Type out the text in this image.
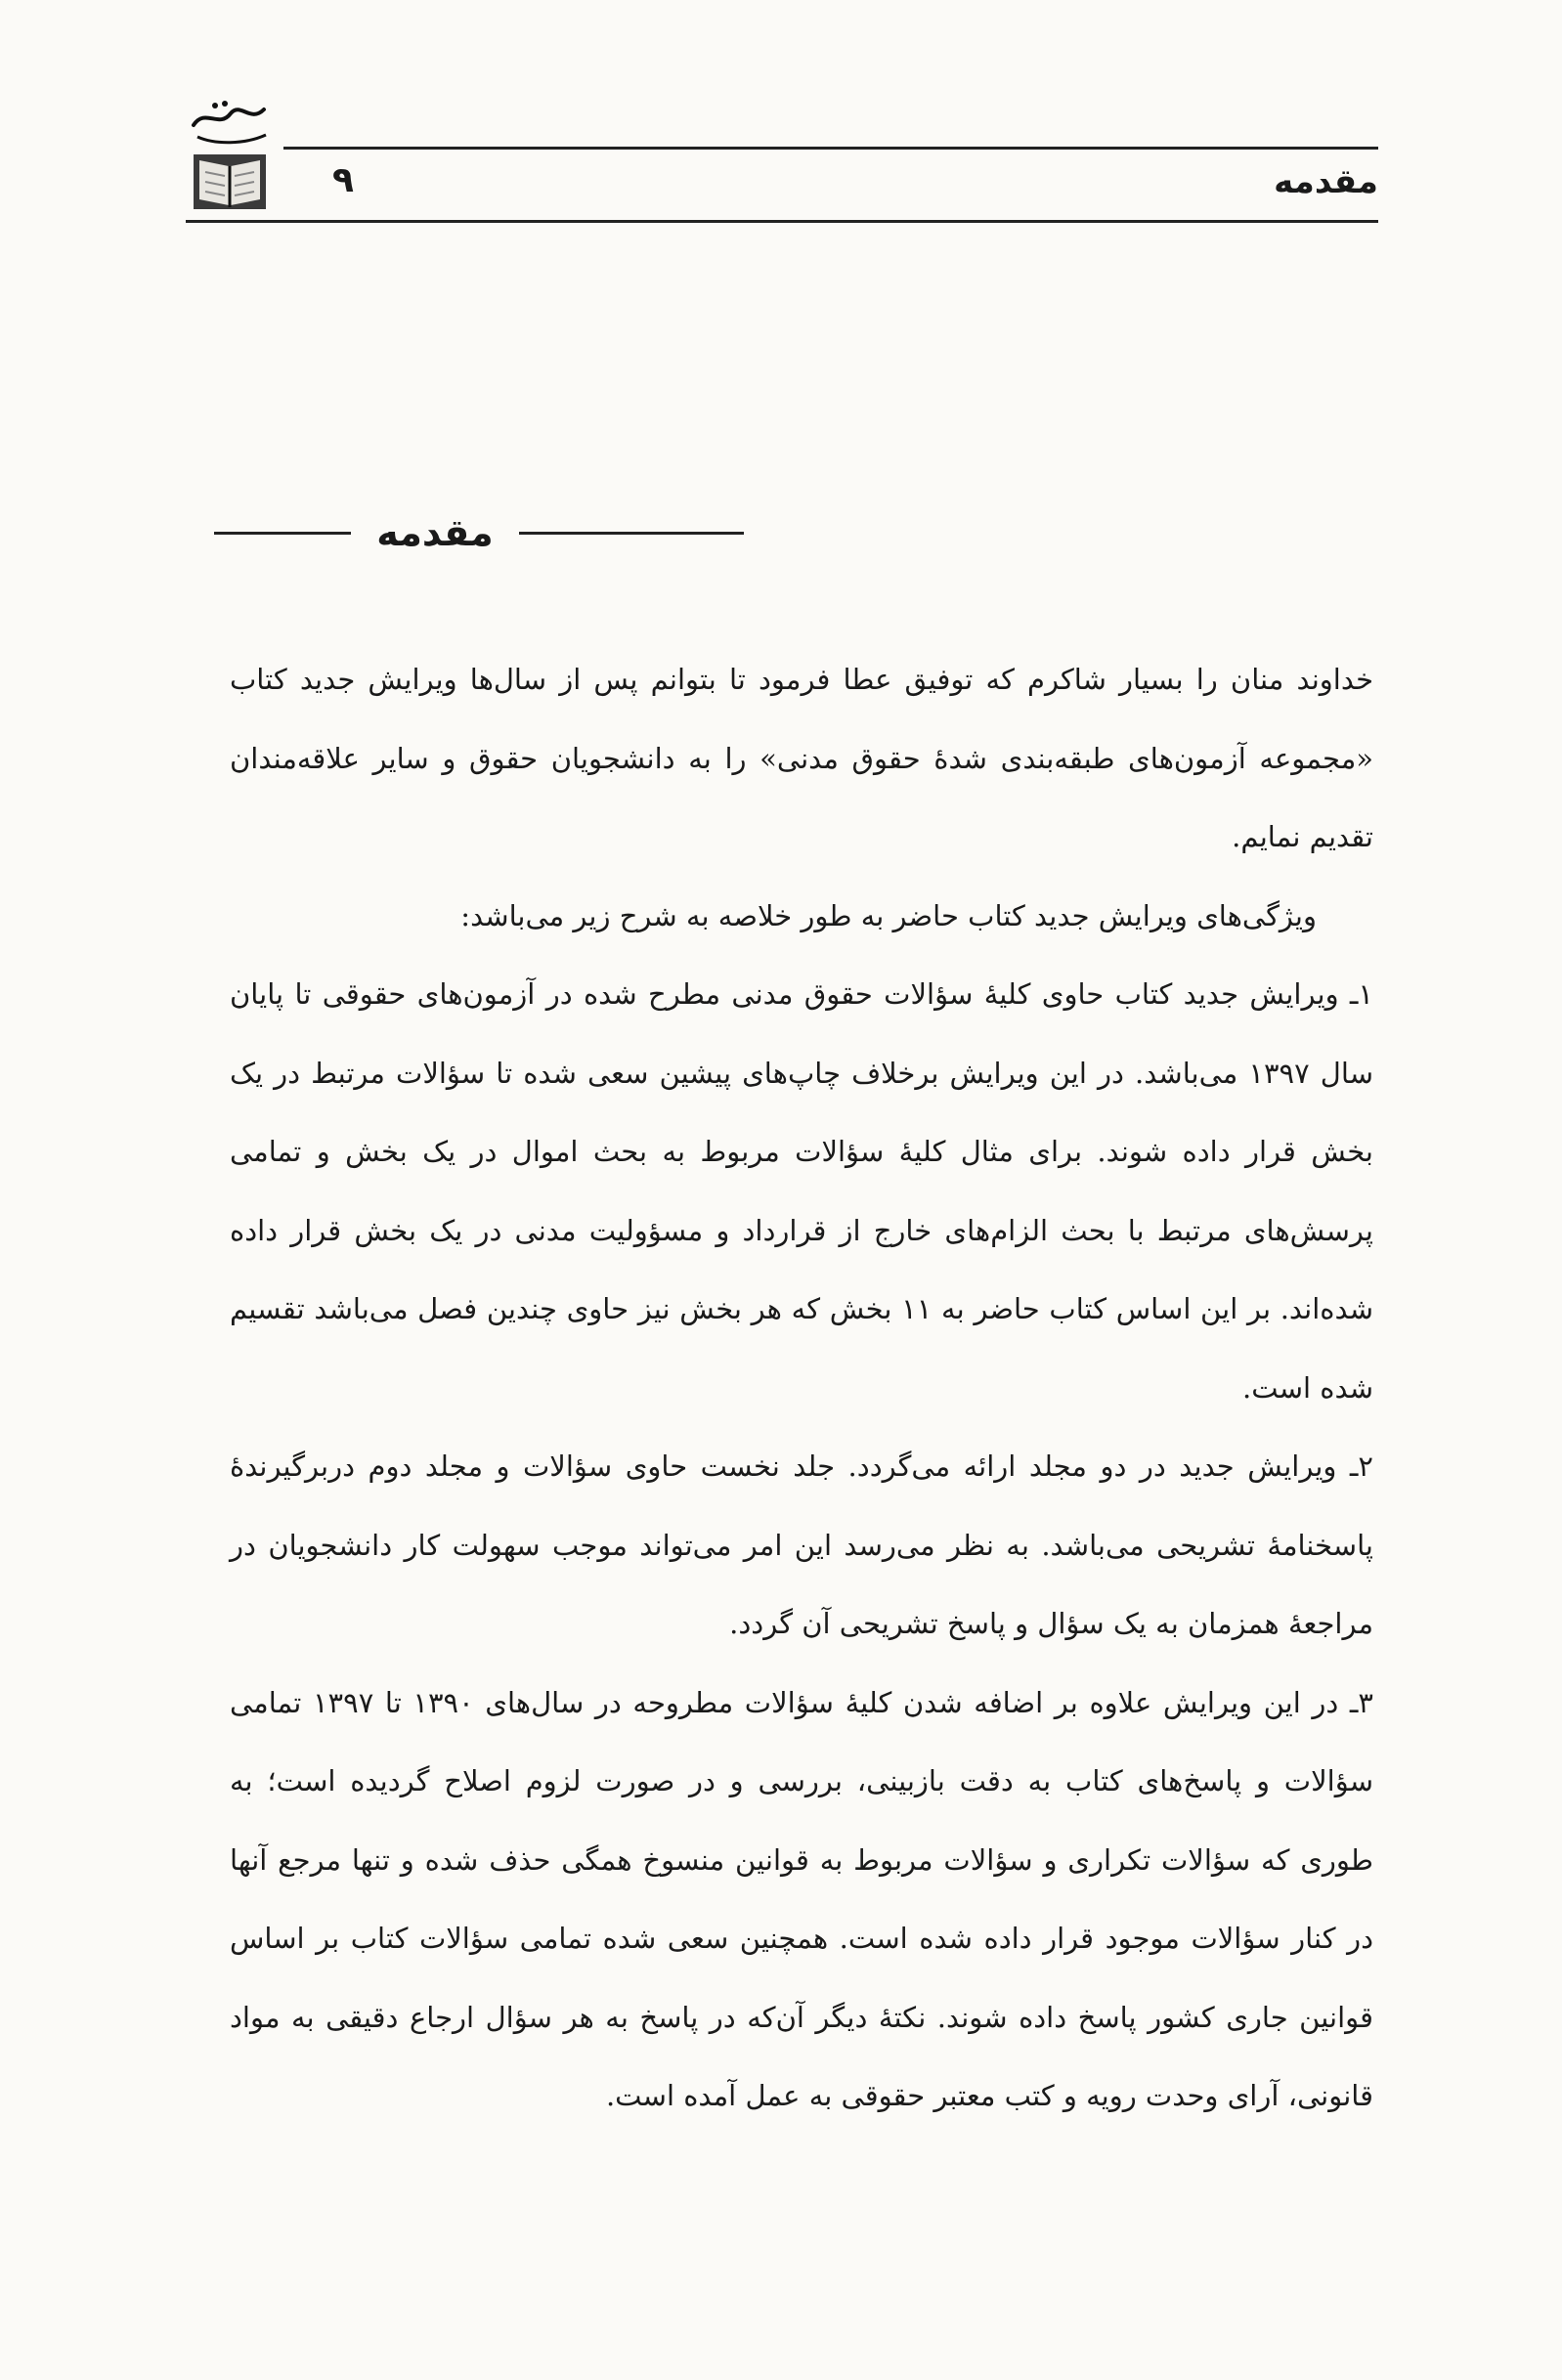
مقدمه
۹
مقدمه

خداوند منان را بسیار شاکرم که توفیق عطا فرمود تا بتوانم پس از سال‌ها ویرایش جدید کتاب «مجموعه آزمون‌های طبقه‌بندی شدهٔ حقوق مدنی» را به دانشجویان حقوق و سایر علاقه‌مندان تقدیم نمایم.

ویژگی‌های ویرایش جدید کتاب حاضر به طور خلاصه به شرح زیر می‌باشد:

۱ـ ویرایش جدید کتاب حاوی کلیهٔ سؤالات حقوق مدنی مطرح شده در آزمون‌های حقوقی تا پایان سال ۱۳۹۷ می‌باشد. در این ویرایش برخلاف چاپ‌های پیشین سعی شده تا سؤالات مرتبط در یک بخش قرار داده شوند. برای مثال کلیهٔ سؤالات مربوط به بحث اموال در یک بخش و تمامی پرسش‌های مرتبط با بحث الزام‌های خارج از قرارداد و مسؤولیت مدنی در یک بخش قرار داده شده‌اند. بر این اساس کتاب حاضر به ۱۱ بخش که هر بخش نیز حاوی چندین فصل می‌باشد تقسیم شده است.

۲ـ ویرایش جدید در دو مجلد ارائه می‌گردد. جلد نخست حاوی سؤالات و مجلد دوم دربرگیرندهٔ پاسخنامهٔ تشریحی می‌باشد. به نظر می‌رسد این امر می‌تواند موجب سهولت کار دانشجویان در مراجعهٔ همزمان به یک سؤال و پاسخ تشریحی آن گردد.

۳ـ در این ویرایش علاوه بر اضافه شدن کلیهٔ سؤالات مطروحه در سال‌های ۱۳۹۰ تا ۱۳۹۷ تمامی سؤالات و پاسخ‌های کتاب به دقت بازبینی، بررسی و در صورت لزوم اصلاح گردیده است؛ به طوری که سؤالات تکراری و سؤالات مربوط به قوانین منسوخ همگی حذف شده و تنها مرجع آنها در کنار سؤالات موجود قرار داده شده است. همچنین سعی شده تمامی سؤالات کتاب بر اساس قوانین جاری کشور پاسخ داده شوند. نکتهٔ دیگر آن‌که در پاسخ به هر سؤال ارجاع دقیقی به مواد قانونی، آرای وحدت رویه و کتب معتبر حقوقی به عمل آمده است.
